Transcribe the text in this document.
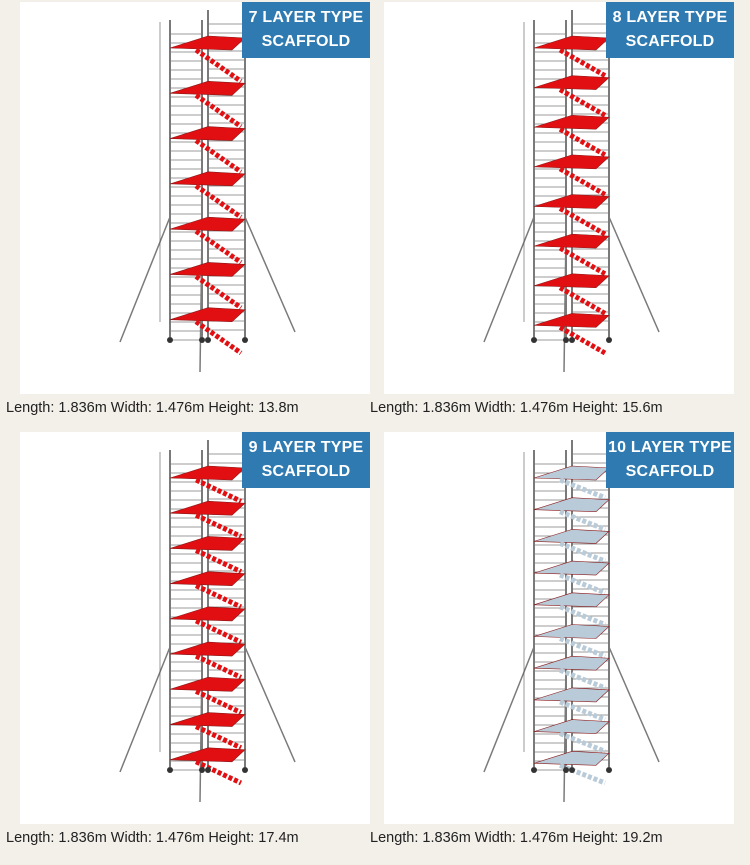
7 LAYER TYPE
SCAFFOLD
Length: 1.836m Width: 1.476m Height: 13.8m
8 LAYER TYPE
SCAFFOLD
Length: 1.836m Width: 1.476m Height: 15.6m
9 LAYER TYPE
SCAFFOLD
Length: 1.836m Width: 1.476m Height: 17.4m
10 LAYER TYPE
SCAFFOLD
Length: 1.836m Width: 1.476m Height: 19.2m
